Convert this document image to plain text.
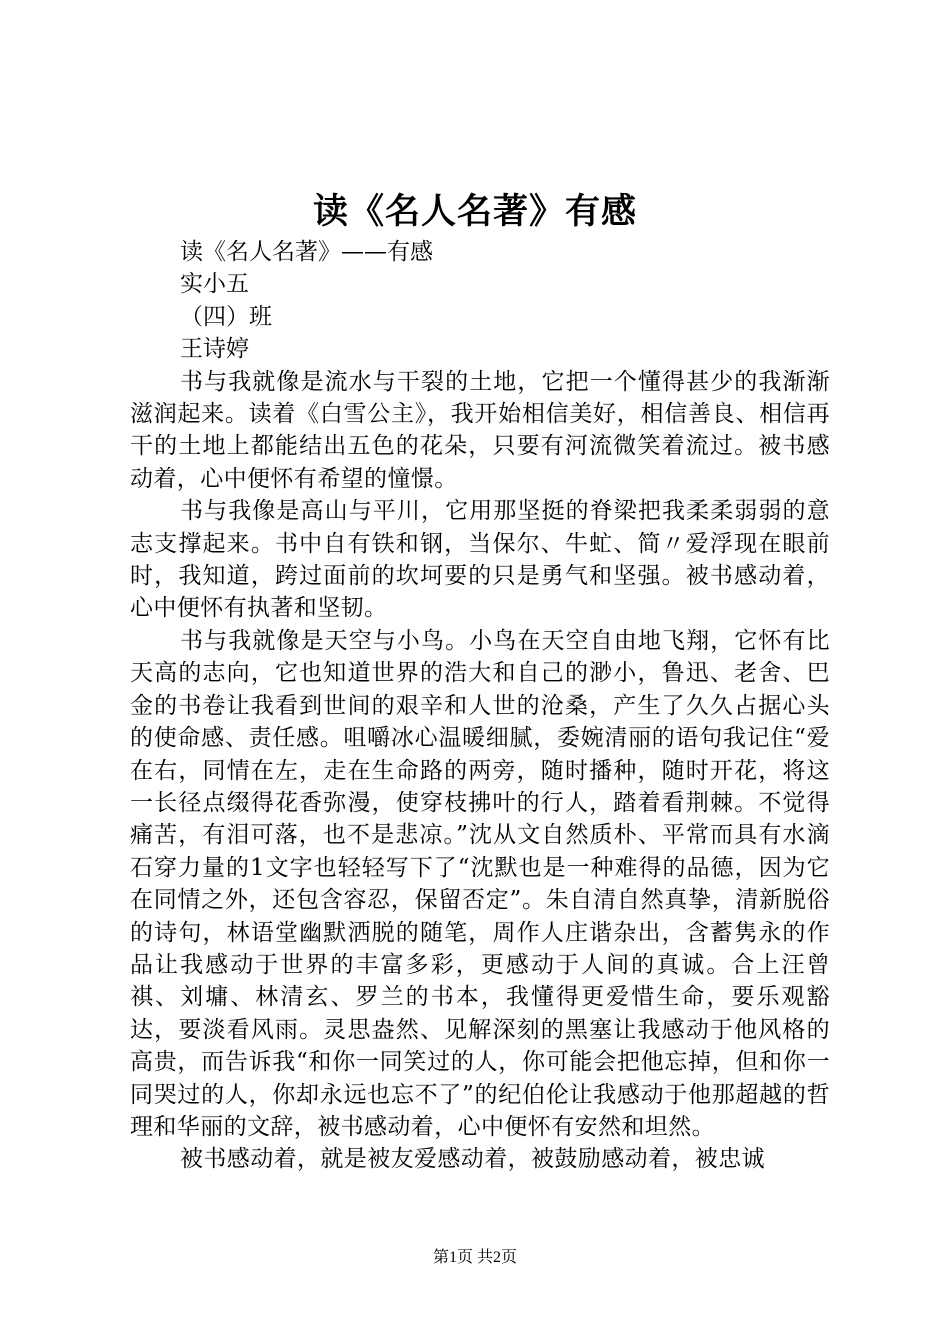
读《名人名著》有感

读《名人名著》——有感

实小五

（四）班

王诗婷

书与我就像是流水与干裂的土地，它把一个懂得甚少的我渐渐滋润起来。读着《白雪公主》，我开始相信美好，相信善良、相信再干的土地上都能结出五色的花朵，只要有河流微笑着流过。被书感动着，心中便怀有希望的憧憬。

书与我像是高山与平川，它用那坚挺的脊梁把我柔柔弱弱的意志支撑起来。书中自有铁和钢，当保尔、牛虻、简〃爱浮现在眼前时，我知道，跨过面前的坎坷要的只是勇气和坚强。被书感动着，心中便怀有执著和坚韧。

书与我就像是天空与小鸟。小鸟在天空自由地飞翔，它怀有比天高的志向，它也知道世界的浩大和自己的渺小，鲁迅、老舍、巴金的书卷让我看到世间的艰辛和人世的沧桑，产生了久久占据心头的使命感、责任感。咀嚼冰心温暖细腻，委婉清丽的语句我记住“爱在右，同情在左，走在生命路的两旁，随时播种，随时开花，将这一长径点缀得花香弥漫，使穿枝拂叶的行人，踏着看荆棘。不觉得痛苦，有泪可落，也不是悲凉。”沈从文自然质朴、平常而具有水滴石穿力量的1文字也轻轻写下了“沈默也是一种难得的品德，因为它在同情之外，还包含容忍，保留否定”。朱自清自然真挚，清新脱俗的诗句，林语堂幽默洒脱的随笔，周作人庄谐杂出，含蓄隽永的作品让我感动于世界的丰富多彩，更感动于人间的真诚。合上汪曾祺、刘墉、林清玄、罗兰的书本，我懂得更爱惜生命，要乐观豁达，要淡看风雨。灵思盎然、见解深刻的黑塞让我感动于他风格的高贵，而告诉我“和你一同笑过的人，你可能会把他忘掉，但和你一同哭过的人，你却永远也忘不了”的纪伯伦让我感动于他那超越的哲理和华丽的文辞，被书感动着，心中便怀有安然和坦然。

被书感动着，就是被友爱感动着，被鼓励感动着，被忠诚

第1页 共2页
